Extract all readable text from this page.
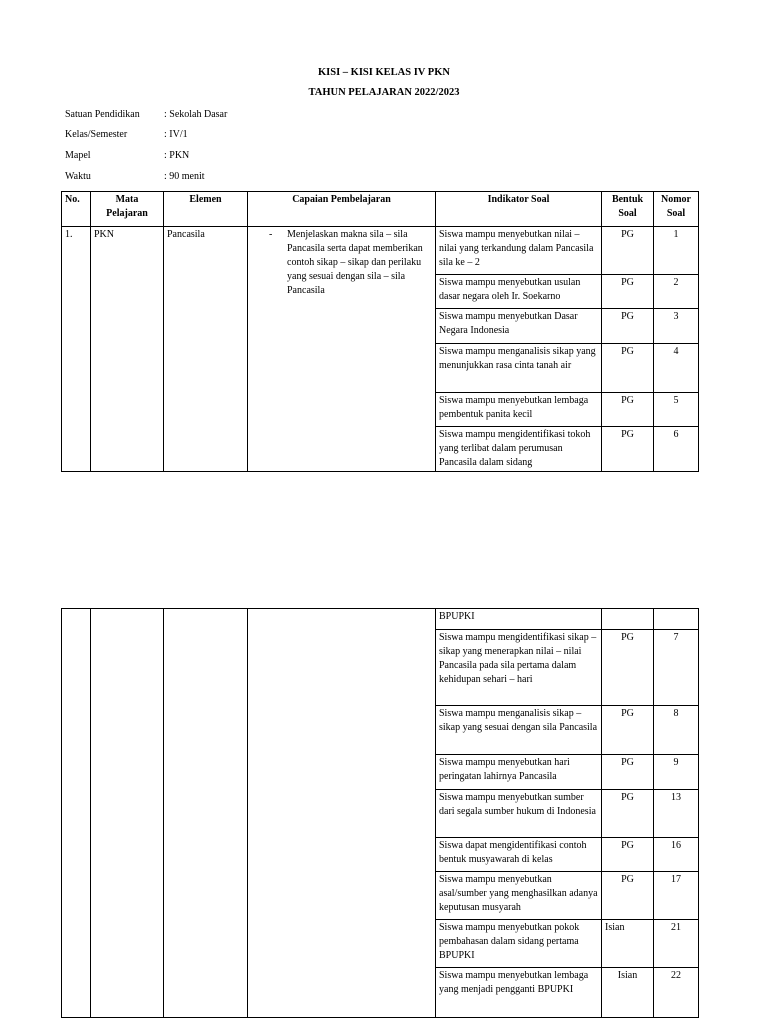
KISI – KISI KELAS IV PKN
TAHUN PELAJARAN 2022/2023
Satuan Pendidikan : Sekolah Dasar
Kelas/Semester	: IV/1
Mapel	: PKN
Waktu	: 90 menit
No.	Mata Pelajaran	Elemen	Capaian Pembelajaran	Indikator Soal	Bentuk Soal	Nomor Soal
1.	PKN	Pancasila	- Menjelaskan makna sila – sila Pancasila serta dapat memberikan contoh sikap – sikap dan perilaku yang sesuai dengan sila – sila Pancasila	Siswa mampu menyebutkan nilai – nilai yang terkandung dalam Pancasila sila ke – 2	PG	1
				Siswa mampu menyebutkan usulan dasar negara oleh Ir. Soekarno	PG	2
				Siswa mampu menyebutkan Dasar Negara Indonesia	PG	3
				Siswa mampu menganalisis sikap yang menunjukkan rasa cinta tanah air	PG	4
				Siswa mampu menyebutkan lembaga pembentuk panita kecil	PG	5
				Siswa mampu mengidentifikasi tokoh yang terlibat dalam perumusan Pancasila dalam sidang	PG	6
				BPUPKI		
				Siswa mampu mengidentifikasi sikap – sikap yang menerapkan nilai – nilai Pancasila pada sila pertama dalam kehidupan sehari – hari	PG	7
				Siswa mampu menganalisis sikap – sikap yang sesuai dengan sila Pancasila	PG	8
				Siswa mampu menyebutkan hari peringatan lahirnya Pancasila	PG	9
				Siswa mampu menyebutkan sumber dari segala sumber hukum di Indonesia	PG	13
				Siswa dapat mengidentifikasi contoh bentuk musyawarah di kelas	PG	16
				Siswa mampu menyebutkan asal/sumber yang menghasilkan adanya keputusan musyarah	PG	17
				Siswa mampu menyebutkan pokok pembahasan dalam sidang pertama BPUPKI	Isian	21
				Siswa mampu menyebutkan lembaga yang menjadi pengganti BPUPKI	Isian	22
